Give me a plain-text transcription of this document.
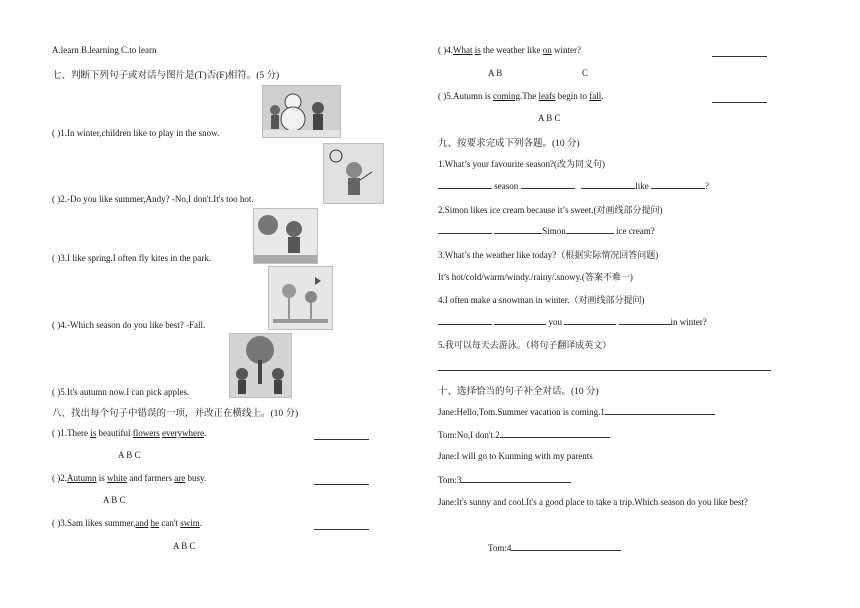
A.learn B.learning C.to learn
七、判断下列句子或对话与图片是(T)否(F)相符。(5 分)
( )1.In winter,children like to play in the snow.
( )2.-Do you like summer,Andy? -No,I don't.It's too hot.
( )3.I like spring.I often fly kites in the park.
( )4.-Which season do you like best? -Fall.
( )5.It's autumn now.I can pick apples.
八、找出每个句子中错误的一项，并改正在横线上。(10 分)
( )1.There is beautiful flowers everywhere.
A B C
( )2.Autumn is white and farmers are busy.
A B C
( )3.Sam likes summer,and he can't swim.
A B C
( )4.What is the weather like on winter?
A B	C
( )5.Autumn is coming.The leafs begin to fall.
A B C
九、按要求完成下列各题。(10 分)
1.What’s your favourite season?(改为同义句)
season	like	?
2.Simon likes ice cream because it’s sweet.(对画线部分提问)
Simon	ice cream?
3.What’s the weather like today?（根据实际情况回答问题)
It’s hot/cold/warm/windy./rainy/.snowy.(答案不难一)
4.I often make a snowman in winter.（对画线部分提问)
you	in winter?
5.我可以每天去游泳。（将句子翻译成英文）
十、选择恰当的句子补全对话。(10 分)
Jane:Hello,Tom.Summer vacation is coming.1
Tom:No,I don't.2
Jane:I will go to Kunming with my parents
Tom:3
Jane:It's sunny and cool.It's a good place to take a trip.Which season do you like best?
Tom:4
